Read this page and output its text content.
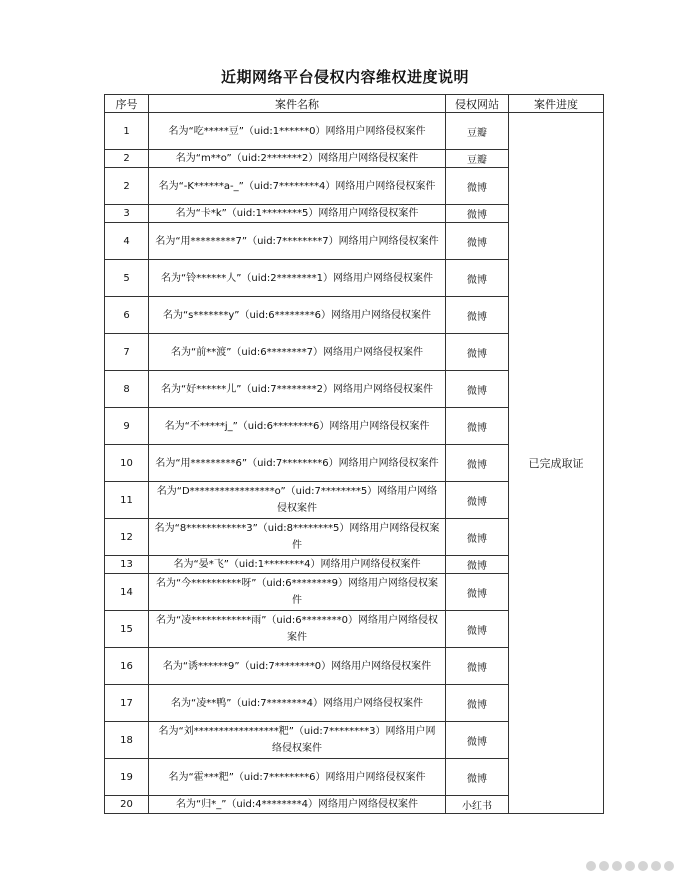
近期网络平台侵权内容维权进度说明
序号	案件名称	侵权网站	案件进度
1	名为“吃*****豆”（uid:1******0）网络用户网络侵权案件	豆瓣	已完成取证
2	名为“m**o”（uid:2*******2）网络用户网络侵权案件	豆瓣	
2	名为“-K******a-_”（uid:7********4）网络用户网络侵权案件	微博	
3	名为“卡*k”（uid:1********5）网络用户网络侵权案件	微博	
4	名为“用*********7”（uid:7********7）网络用户网络侵权案件	微博	
5	名为“铃******人”（uid:2********1）网络用户网络侵权案件	微博	
6	名为“s*******y”（uid:6********6）网络用户网络侵权案件	微博	
7	名为“前**渡”（uid:6********7）网络用户网络侵权案件	微博	
8	名为“好******儿”（uid:7********2）网络用户网络侵权案件	微博	
9	名为“不*****j_”（uid:6********6）网络用户网络侵权案件	微博	
10	名为“用*********6”（uid:7********6）网络用户网络侵权案件	微博	
11	名为“D*****************o”（uid:7********5）网络用户网络侵权案件	微博	
12	名为“8************3”（uid:8********5）网络用户网络侵权案件	微博	
13	名为“晏*飞”（uid:1********4）网络用户网络侵权案件	微博	
14	名为“今**********呀”（uid:6********9）网络用户网络侵权案件	微博	
15	名为“凌************雨”（uid:6********0）网络用户网络侵权案件	微博	
16	名为“诱******9”（uid:7********0）网络用户网络侵权案件	微博	
17	名为“凌**鸭”（uid:7********4）网络用户网络侵权案件	微博	
18	名为“刘*****************粑”（uid:7********3）网络用户网络侵权案件	微博	
19	名为“霍***粑”（uid:7********6）网络用户网络侵权案件	微博	
20	名为“归*_”（uid:4********4）网络用户网络侵权案件	小红书	
